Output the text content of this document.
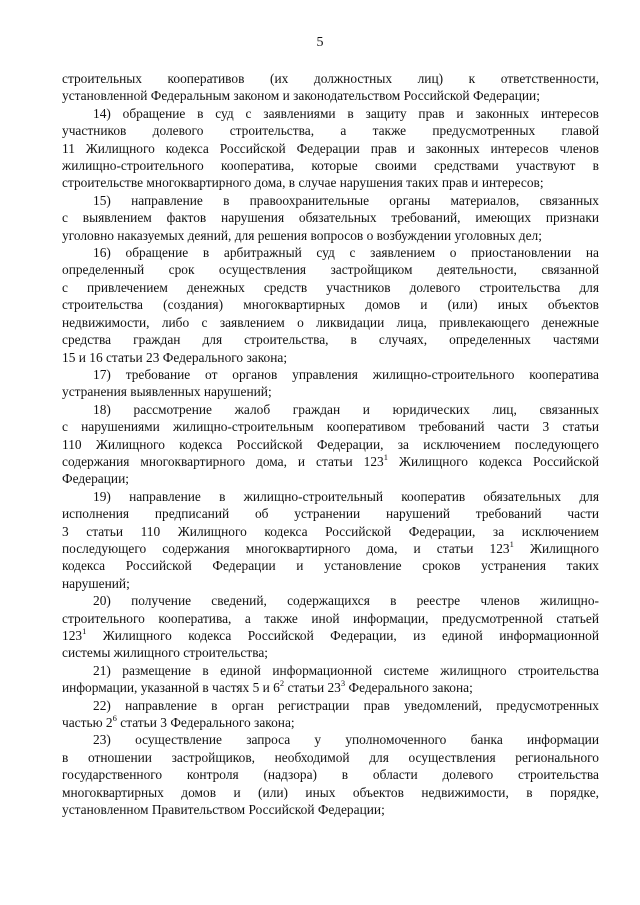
5

строительных кооперативов (их должностных лиц) к ответственности,
установленной Федеральным законом и законодательством Российской Федерации;

14) обращение в суд с заявлениями в защиту прав и законных интересов
участников долевого строительства, а также предусмотренных главой
11 Жилищного кодекса Российской Федерации прав и законных интересов членов
жилищно-строительного кооператива, которые своими средствами участвуют в
строительстве многоквартирного дома, в случае нарушения таких прав и интересов;

15) направление в правоохранительные органы материалов, связанных
с выявлением фактов нарушения обязательных требований, имеющих признаки
уголовно наказуемых деяний, для решения вопросов о возбуждении уголовных дел;

16) обращение в арбитражный суд с заявлением о приостановлении на
определенный срок осуществления застройщиком деятельности, связанной
с привлечением денежных средств участников долевого строительства для
строительства (создания) многоквартирных домов и (или) иных объектов
недвижимости, либо с заявлением о ликвидации лица, привлекающего денежные
средства граждан для строительства, в случаях, определенных частями
15 и 16 статьи 23 Федерального закона;

17) требование от органов управления жилищно-строительного кооператива
устранения выявленных нарушений;

18) рассмотрение жалоб граждан и юридических лиц, связанных
с нарушениями жилищно-строительным кооперативом требований части 3 статьи
110 Жилищного кодекса Российской Федерации, за исключением последующего
содержания многоквартирного дома, и статьи $123^1$ Жилищного кодекса Российской
Федерации;

19) направление в жилищно-строительный кооператив обязательных для
исполнения предписаний об устранении нарушений требований части
3 статьи 110 Жилищного кодекса Российской Федерации, за исключением
последующего содержания многоквартирного дома, и статьи $123^1$ Жилищного
кодекса Российской Федерации и установление сроков устранения таких
нарушений;

20) получение сведений, содержащихся в реестре членов жилищно-
строительного кооператива, а также иной информации, предусмотренной статьей
$123^1$ Жилищного кодекса Российской Федерации, из единой информационной
системы жилищного строительства;

21) размещение в единой информационной системе жилищного строительства
информации, указанной в частях 5 и $6^2$ статьи $23^3$ Федерального закона;

22) направление в орган регистрации прав уведомлений, предусмотренных
частью $2^6$ статьи 3 Федерального закона;

23) осуществление запроса у уполномоченного банка информации
в отношении застройщиков, необходимой для осуществления регионального
государственного контроля (надзора) в области долевого строительства
многоквартирных домов и (или) иных объектов недвижимости, в порядке,
установленном Правительством Российской Федерации;
